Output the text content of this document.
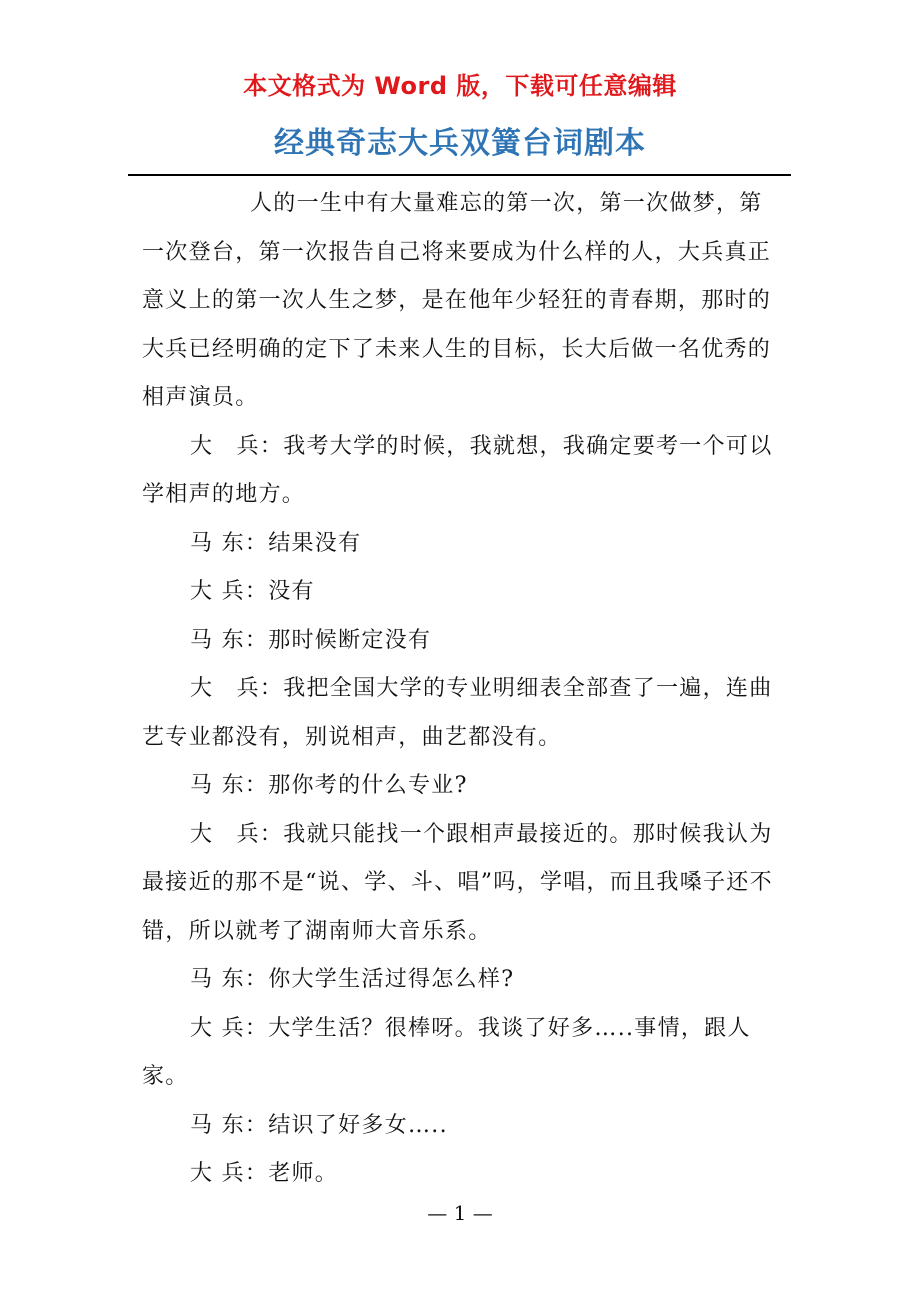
本文格式为 Word 版，下载可任意编辑
经典奇志大兵双簧台词剧本

人的一生中有大量难忘的第一次，第一次做梦，第一次登台，第一次报告自己将来要成为什么样的人，大兵真正意义上的第一次人生之梦，是在他年少轻狂的青春期，那时的大兵已经明确的定下了未来人生的目标，长大后做一名优秀的相声演员。

大　兵：我考大学的时候，我就想，我确定要考一个可以学相声的地方。

马 东：结果没有

大 兵：没有

马 东：那时候断定没有

大　兵：我把全国大学的专业明细表全部查了一遍，连曲艺专业都没有，别说相声，曲艺都没有。

马 东：那你考的什么专业?

大　兵：我就只能找一个跟相声最接近的。那时候我认为最接近的那不是“说、学、斗、唱”吗，学唱，而且我嗓子还不错，所以就考了湖南师大音乐系。

马 东：你大学生活过得怎么样?

大 兵：大学生活？很棒呀。我谈了好多…..事情，跟人家。

马 东：结识了好多女…..

大 兵：老师。

— 1 —
